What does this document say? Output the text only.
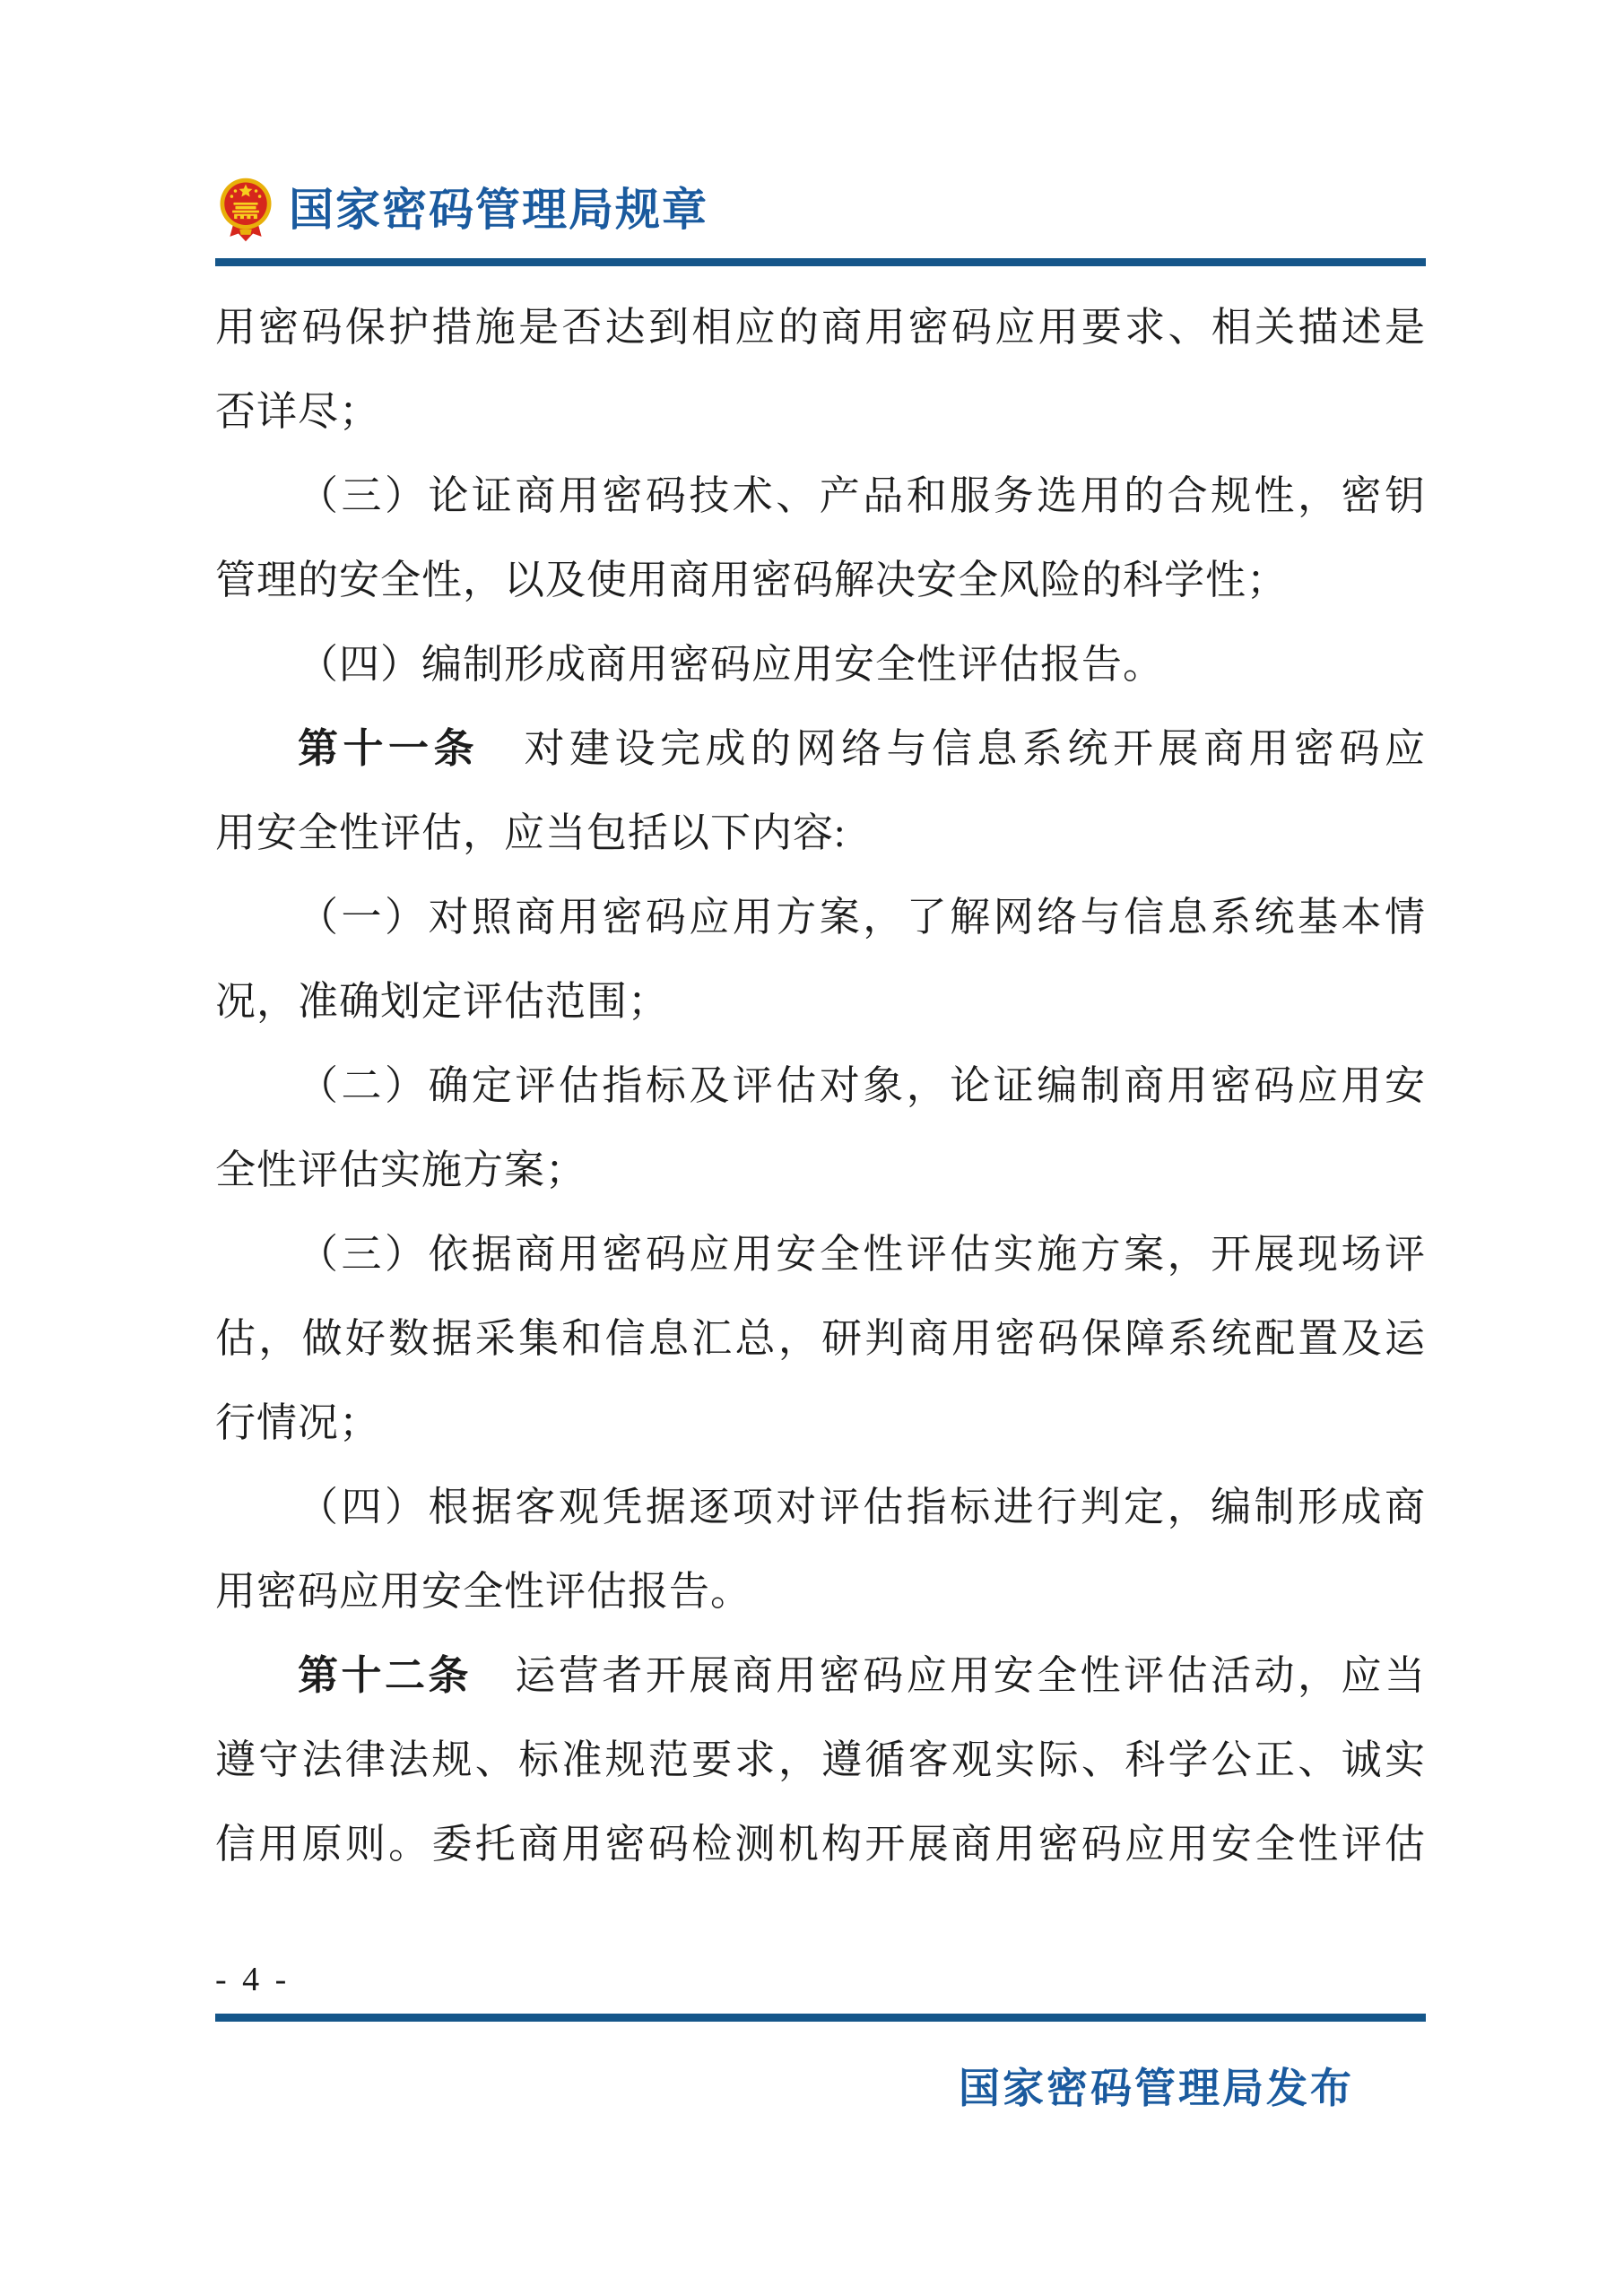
国家密码管理局规章
用密码保护措施是否达到相应的商用密码应用要求、相关描述是
否详尽；
（三）论证商用密码技术、产品和服务选用的合规性，密钥
管理的安全性，以及使用商用密码解决安全风险的科学性；
（四）编制形成商用密码应用安全性评估报告。
第十一条　对建设完成的网络与信息系统开展商用密码应
用安全性评估，应当包括以下内容:
（一）对照商用密码应用方案，了解网络与信息系统基本情
况，准确划定评估范围；
（二）确定评估指标及评估对象，论证编制商用密码应用安
全性评估实施方案；
（三）依据商用密码应用安全性评估实施方案，开展现场评
估，做好数据采集和信息汇总，研判商用密码保障系统配置及运
行情况；
（四）根据客观凭据逐项对评估指标进行判定，编制形成商
用密码应用安全性评估报告。
第十二条　运营者开展商用密码应用安全性评估活动，应当
遵守法律法规、标准规范要求，遵循客观实际、科学公正、诚实
信用原则。委托商用密码检测机构开展商用密码应用安全性评估
- 4 -
国家密码管理局发布
